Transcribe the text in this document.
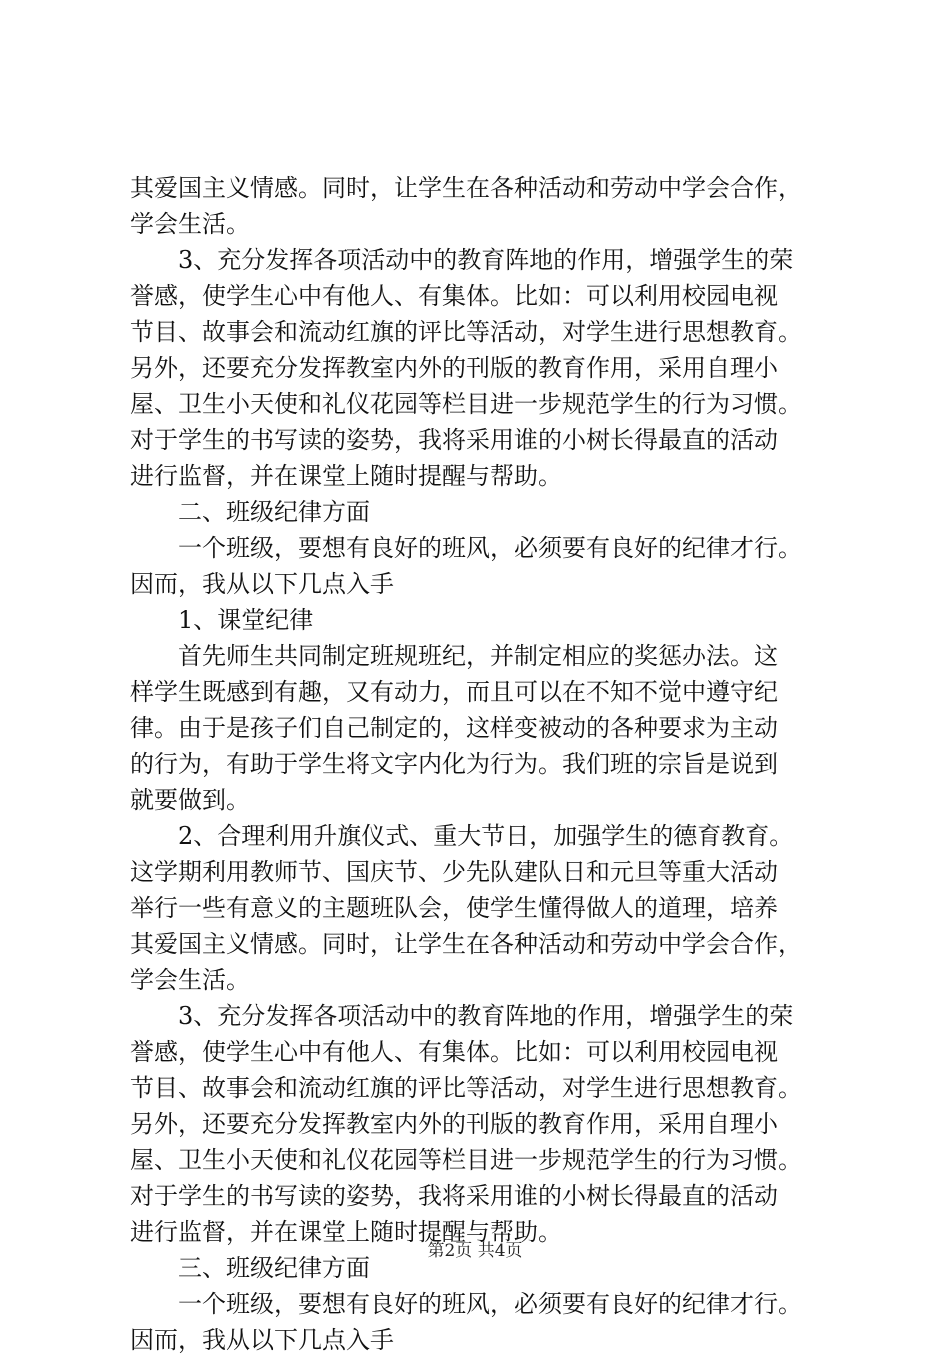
其爱国主义情感。同时，让学生在各种活动和劳动中学会合作，
学会生活。
3、充分发挥各项活动中的教育阵地的作用，增强学生的荣
誉感，使学生心中有他人、有集体。比如：可以利用校园电视
节目、故事会和流动红旗的评比等活动，对学生进行思想教育。
另外，还要充分发挥教室内外的刊版的教育作用，采用自理小
屋、卫生小天使和礼仪花园等栏目进一步规范学生的行为习惯。
对于学生的书写读的姿势，我将采用谁的小树长得最直的活动
进行监督，并在课堂上随时提醒与帮助。
二、班级纪律方面
一个班级，要想有良好的班风，必须要有良好的纪律才行。
因而，我从以下几点入手
1、课堂纪律
首先师生共同制定班规班纪，并制定相应的奖惩办法。这
样学生既感到有趣，又有动力，而且可以在不知不觉中遵守纪
律。由于是孩子们自己制定的，这样变被动的各种要求为主动
的行为，有助于学生将文字内化为行为。我们班的宗旨是说到
就要做到。
2、合理利用升旗仪式、重大节日，加强学生的德育教育。
这学期利用教师节、国庆节、少先队建队日和元旦等重大活动
举行一些有意义的主题班队会，使学生懂得做人的道理，培养
其爱国主义情感。同时，让学生在各种活动和劳动中学会合作，
学会生活。
3、充分发挥各项活动中的教育阵地的作用，增强学生的荣
誉感，使学生心中有他人、有集体。比如：可以利用校园电视
节目、故事会和流动红旗的评比等活动，对学生进行思想教育。
另外，还要充分发挥教室内外的刊版的教育作用，采用自理小
屋、卫生小天使和礼仪花园等栏目进一步规范学生的行为习惯。
对于学生的书写读的姿势，我将采用谁的小树长得最直的活动
进行监督，并在课堂上随时提醒与帮助。
三、班级纪律方面
一个班级，要想有良好的班风，必须要有良好的纪律才行。
因而，我从以下几点入手
第2页 共4页
